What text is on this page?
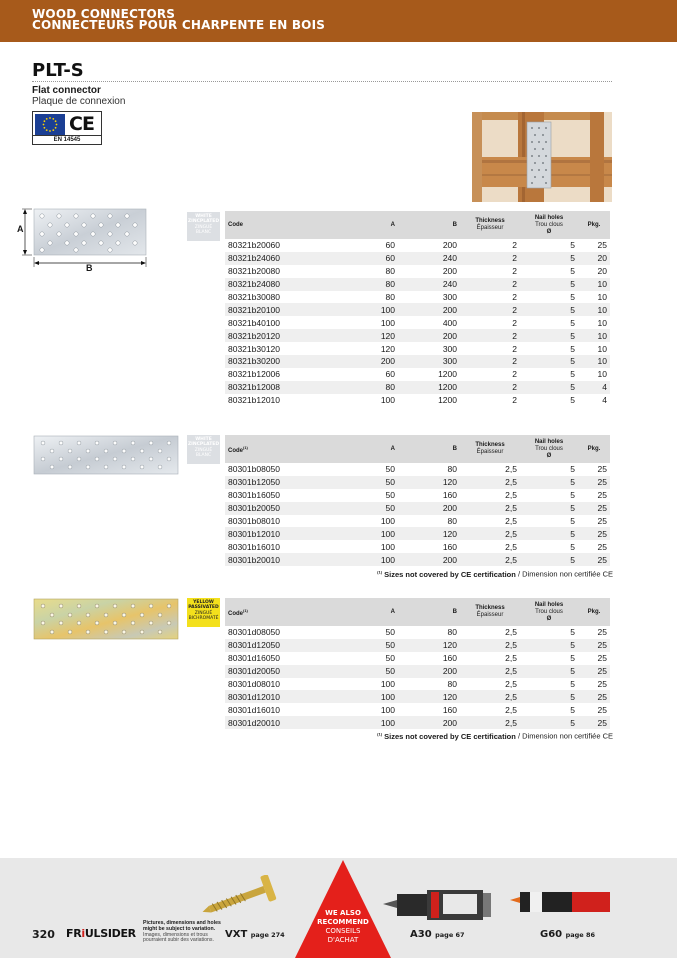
WOOD CONNECTORS
CONNECTEURS POUR CHARPENTE EN BOIS
PLT-S
Flat connector
Plaque de connexion
CE
EN 14545
A
B
WHITE ZINCPLATED
ZINGUÉ BLANC
Code	A	B	Thickness
Épaisseur	Nail holes
Trou clous
Ø	Pkg.
80321b20060	60	200	2	5	25
80321b24060	60	240	2	5	20
80321b20080	80	200	2	5	20
80321b24080	80	240	2	5	10
80321b30080	80	300	2	5	10
80321b20100	100	200	2	5	10
80321b40100	100	400	2	5	10
80321b20120	120	200	2	5	10
80321b30120	120	300	2	5	10
80321b30200	200	300	2	5	10
80321b12006	60	1200	2	5	10
80321b12008	80	1200	2	5	4
80321b12010	100	1200	2	5	4
WHITE ZINCPLATED
ZINGUÉ BLANC
Code$^{(1)}$	A	B	Thickness
Épaisseur	Nail holes
Trou clous
Ø	Pkg.
80301b08050	50	80	2,5	5	25
80301b12050	50	120	2,5	5	25
80301b16050	50	160	2,5	5	25
80301b20050	50	200	2,5	5	25
80301b08010	100	80	2,5	5	25
80301b12010	100	120	2,5	5	25
80301b16010	100	160	2,5	5	25
80301b20010	100	200	2,5	5	25
$^{(1)}$ Sizes not covered by CE certification / Dimension non certifiée CE
YELLOW PASSIVATED
ZINGUÉ BICHROMATÉ
Code$^{(1)}$	A	B	Thickness
Épaisseur	Nail holes
Trou clous
Ø	Pkg.
80301d08050	50	80	2,5	5	25
80301d12050	50	120	2,5	5	25
80301d16050	50	160	2,5	5	25
80301d20050	50	200	2,5	5	25
80301d08010	100	80	2,5	5	25
80301d12010	100	120	2,5	5	25
80301d16010	100	160	2,5	5	25
80301d20010	100	200	2,5	5	25
$^{(1)}$ Sizes not covered by CE certification / Dimension non certifiée CE
WE ALSO
RECOMMEND
CONSEILS
D'ACHAT
320 FRiULSIDER
Pictures, dimensions and holes might be subject to variation.
Images, dimensions et trous pourraient subir des variations.
VXT page 274	A30 page 67	G60 page 86
